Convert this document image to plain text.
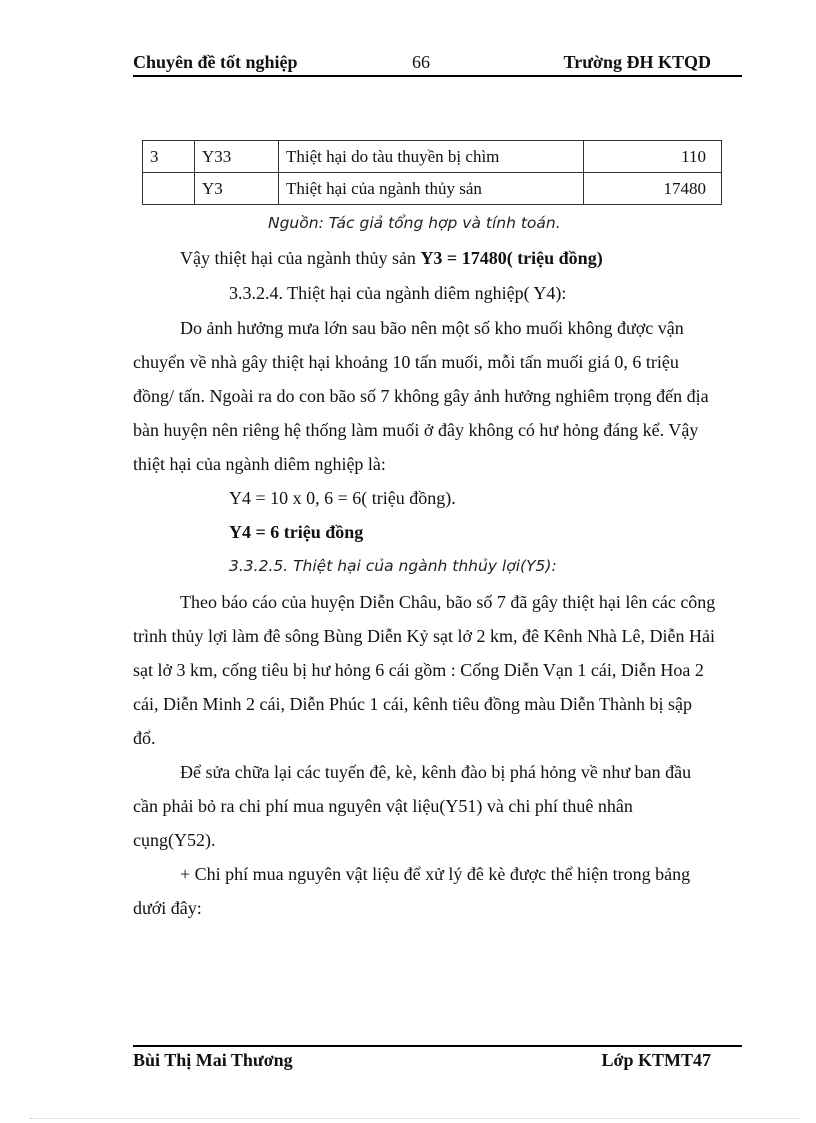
Chuyên đề tốt nghiệp	66	Trường ĐH KTQD
3	Y33	Thiệt hại do tàu thuyền bị chìm	110
	Y3	Thiệt hại của ngành thủy sản	17480
Nguồn: Tác giả tổng hợp và tính toán.
Vậy thiệt hại của ngành thủy sản Y3 = 17480( triệu đồng)
3.3.2.4. Thiệt hại của ngành diêm nghiệp( Y4):
Do ảnh hưởng mưa lớn sau bão nên một số kho muối không được vận
chuyển về nhà gây thiệt hại khoảng 10 tấn muối, mỗi tấn muối giá 0, 6 triệu
đồng/ tấn. Ngoài ra do con bão số 7 không gây ảnh hưởng nghiêm trọng đến địa
bàn huyện nên riêng hệ thống làm muối ở đây không có hư hỏng đáng kể. Vậy
thiệt hại của ngành diêm nghiệp là:
Y4 = 10 x 0, 6 = 6( triệu đồng).
Y4 = 6 triệu đồng
3.3.2.5. Thiệt hại của ngành thhủy lợi(Y5):
Theo báo cáo của huyện Diễn Châu, bão số 7 đã gây thiệt hại lên các công
trình thủy lợi làm đê sông Bùng Diễn Kỷ sạt lở 2 km, đê Kênh Nhà Lê, Diễn Hải
sạt lở 3 km, cống tiêu bị hư hỏng 6 cái gồm : Cống Diễn Vạn 1 cái, Diễn Hoa 2
cái, Diễn Minh 2 cái, Diễn Phúc 1 cái, kênh tiêu đồng màu Diễn Thành bị sập
đổ.
Để sửa chữa lại các tuyến đê, kè, kênh đào bị phá hỏng về như ban đầu
cần phải bỏ ra chi phí mua nguyên vật liệu(Y51) và chi phí thuê nhân
cụng(Y52).
+ Chi phí mua nguyên vật liệu để xử lý đê kè được thể hiện trong bảng
dưới đây:
Bùi Thị Mai Thương	Lớp KTMT47
